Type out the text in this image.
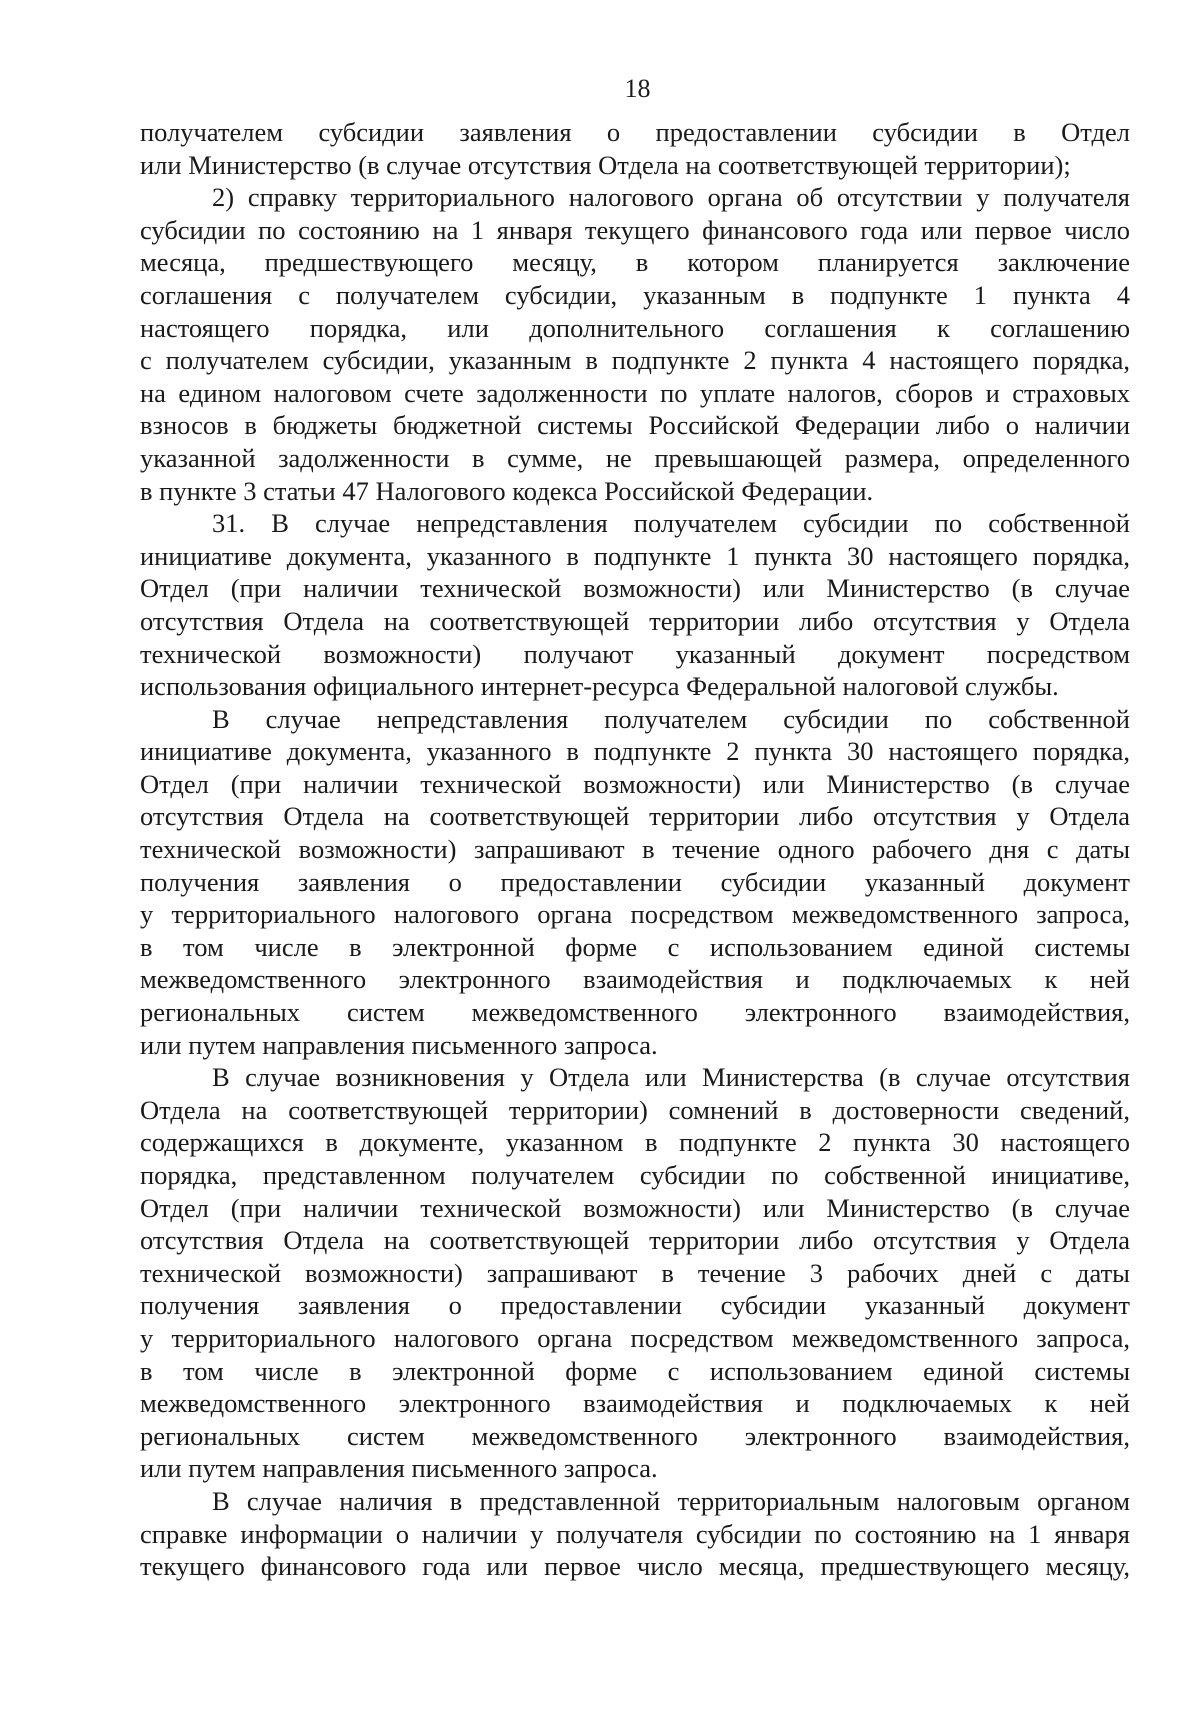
18
получателем субсидии заявления о предоставлении субсидии в Отдел
или Министерство (в случае отсутствия Отдела на соответствующей территории);
2) справку территориального налогового органа об отсутствии у получателя
субсидии по состоянию на 1 января текущего финансового года или первое число
месяца, предшествующего месяцу, в котором планируется заключение
соглашения с получателем субсидии, указанным в подпункте 1 пункта 4
настоящего порядка, или дополнительного соглашения к соглашению
с получателем субсидии, указанным в подпункте 2 пункта 4 настоящего порядка,
на едином налоговом счете задолженности по уплате налогов, сборов и страховых
взносов в бюджеты бюджетной системы Российской Федерации либо о наличии
указанной задолженности в сумме, не превышающей размера, определенного
в пункте 3 статьи 47 Налогового кодекса Российской Федерации.
31. В случае непредставления получателем субсидии по собственной
инициативе документа, указанного в подпункте 1 пункта 30 настоящего порядка,
Отдел (при наличии технической возможности) или Министерство (в случае
отсутствия Отдела на соответствующей территории либо отсутствия у Отдела
технической возможности) получают указанный документ посредством
использования официального интернет-ресурса Федеральной налоговой службы.
В случае непредставления получателем субсидии по собственной
инициативе документа, указанного в подпункте 2 пункта 30 настоящего порядка,
Отдел (при наличии технической возможности) или Министерство (в случае
отсутствия Отдела на соответствующей территории либо отсутствия у Отдела
технической возможности) запрашивают в течение одного рабочего дня с даты
получения заявления о предоставлении субсидии указанный документ
у территориального налогового органа посредством межведомственного запроса,
в том числе в электронной форме с использованием единой системы
межведомственного электронного взаимодействия и подключаемых к ней
региональных систем межведомственного электронного взаимодействия,
или путем направления письменного запроса.
В случае возникновения у Отдела или Министерства (в случае отсутствия
Отдела на соответствующей территории) сомнений в достоверности сведений,
содержащихся в документе, указанном в подпункте 2 пункта 30 настоящего
порядка, представленном получателем субсидии по собственной инициативе,
Отдел (при наличии технической возможности) или Министерство (в случае
отсутствия Отдела на соответствующей территории либо отсутствия у Отдела
технической возможности) запрашивают в течение 3 рабочих дней с даты
получения заявления о предоставлении субсидии указанный документ
у территориального налогового органа посредством межведомственного запроса,
в том числе в электронной форме с использованием единой системы
межведомственного электронного взаимодействия и подключаемых к ней
региональных систем межведомственного электронного взаимодействия,
или путем направления письменного запроса.
В случае наличия в представленной территориальным налоговым органом
справке информации о наличии у получателя субсидии по состоянию на 1 января
текущего финансового года или первое число месяца, предшествующего месяцу,
